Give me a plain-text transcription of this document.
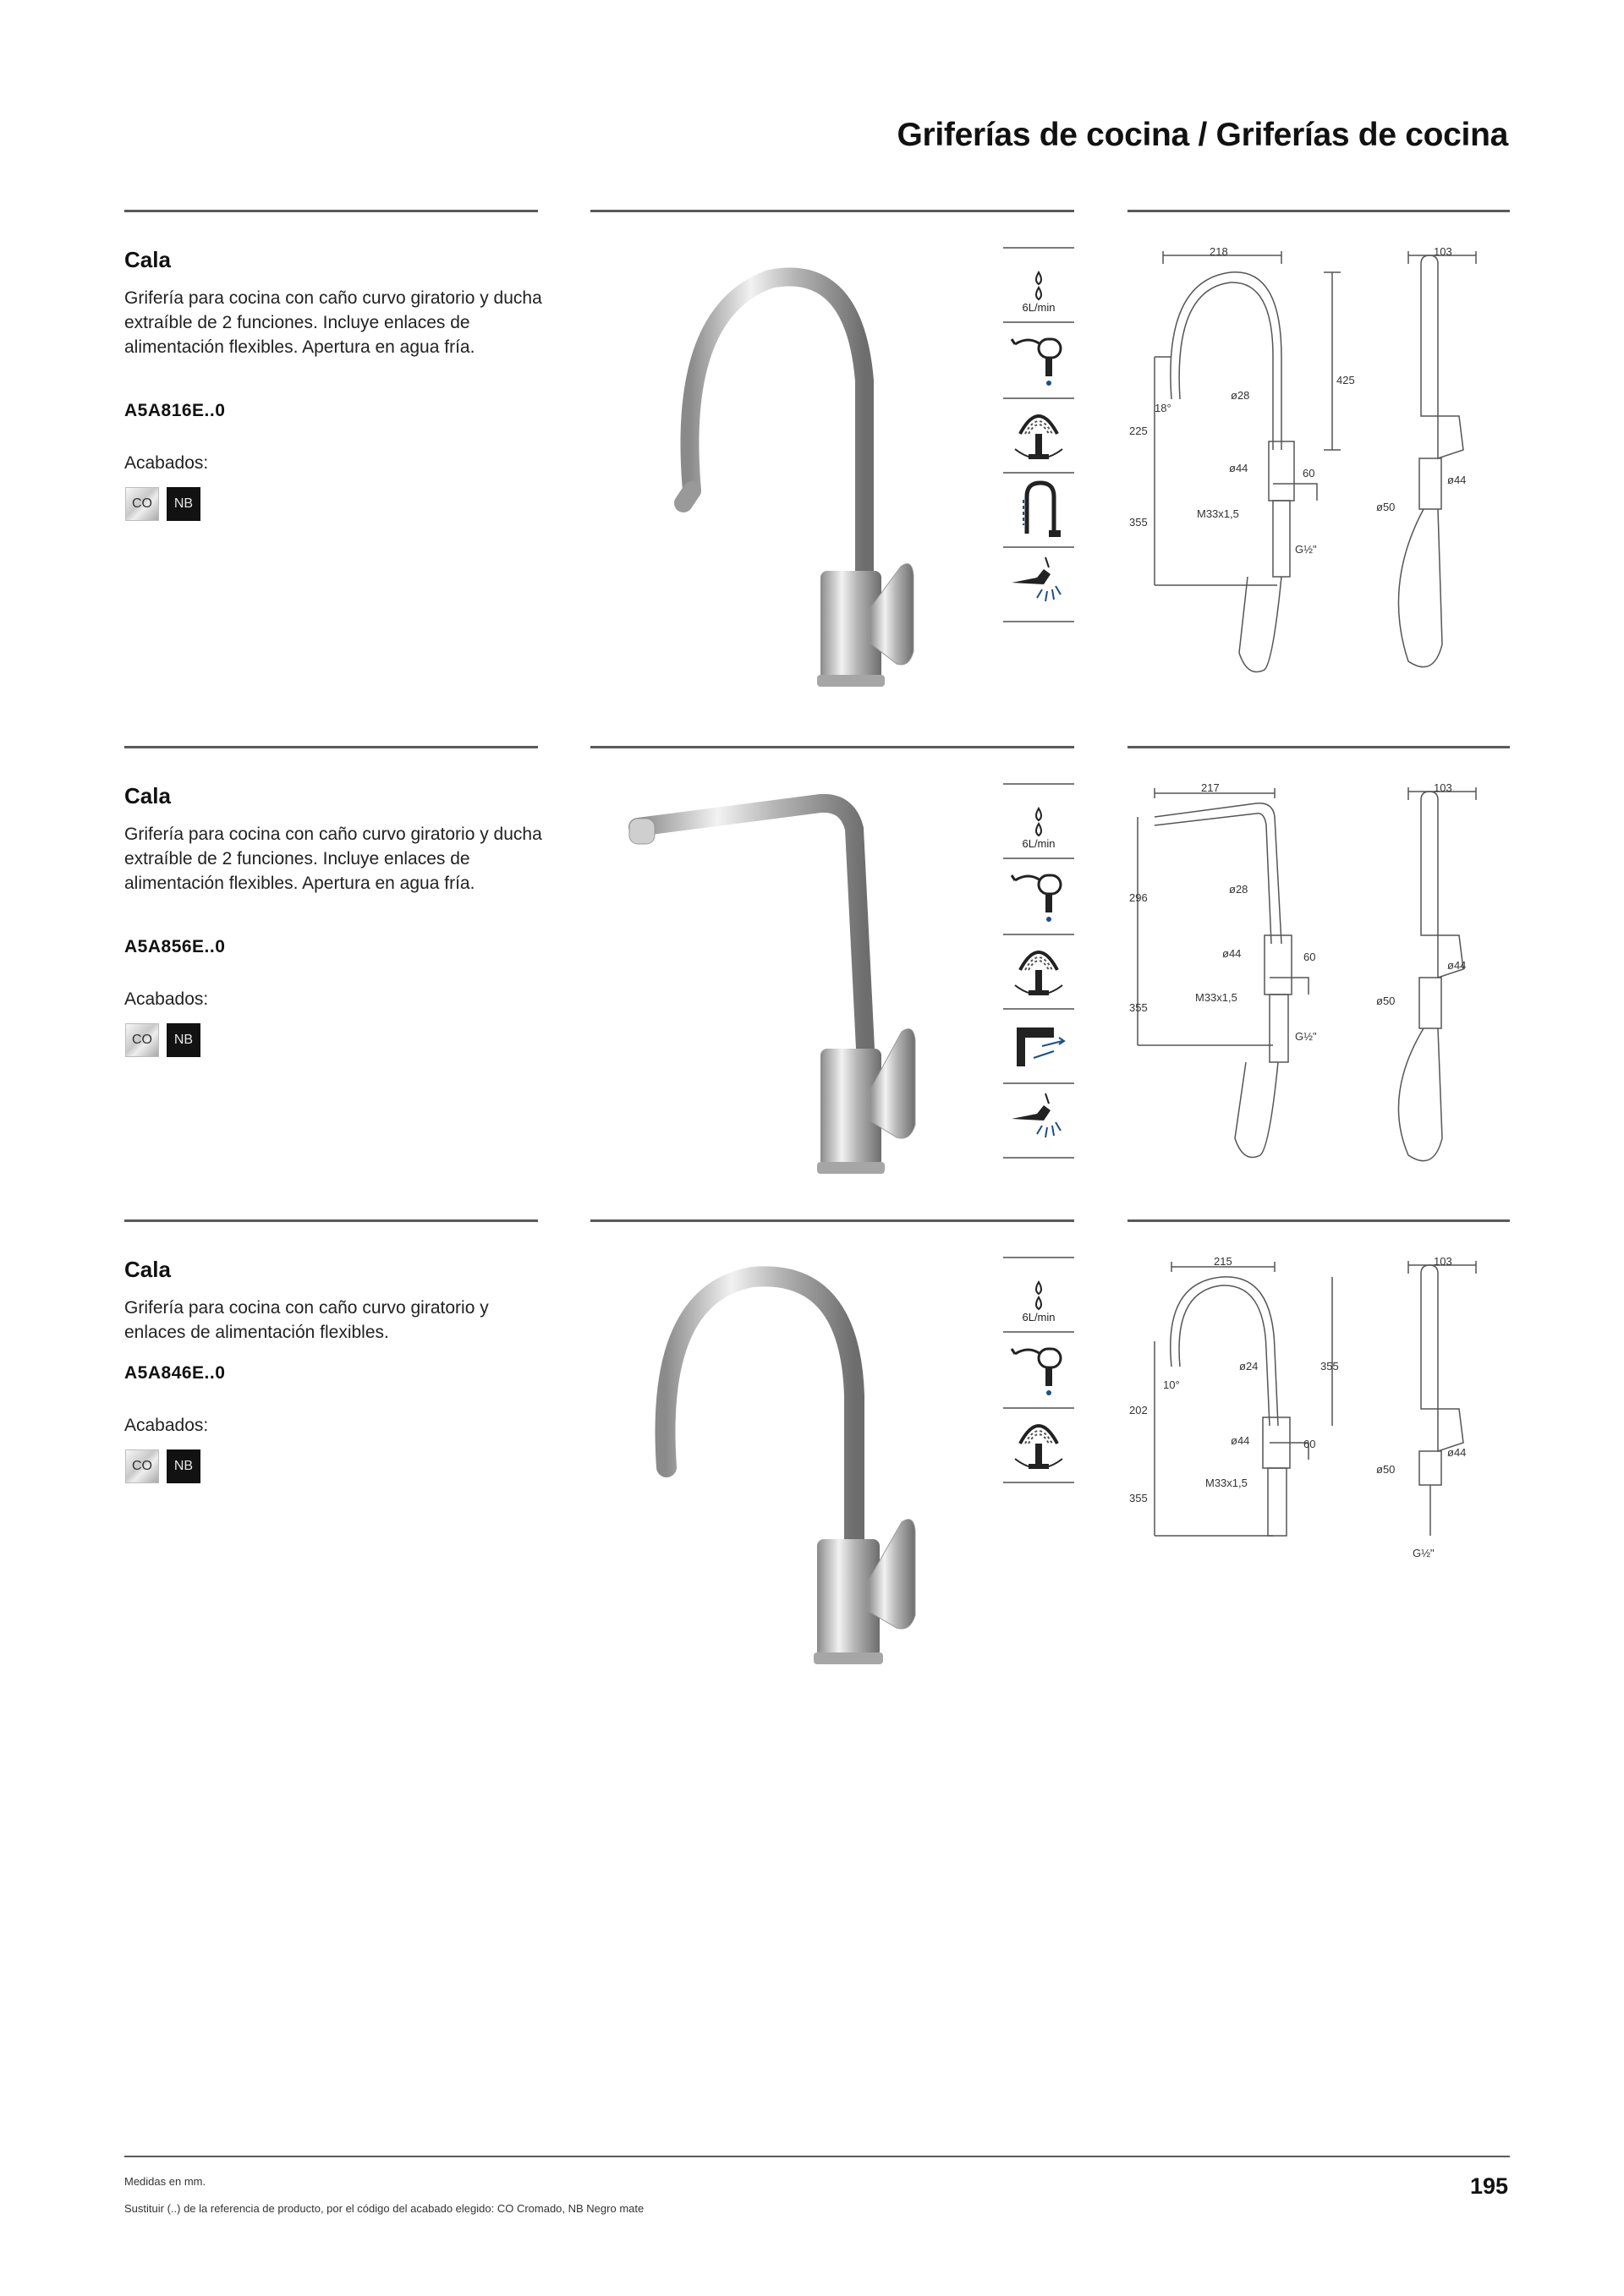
Griferías de cocina / Griferías de cocina
Cala
Grifería para cocina con caño curvo giratorio y ducha extraíble de 2 funciones. Incluye enlaces de alimentación flexibles. Apertura en agua fría.
A5A816E..0
Acabados:
CO	NB
6L/min
218
425
225
355
18°
ø28
ø44	60
M33x1,5
G½"
103
ø44
ø50
Cala
Grifería para cocina con caño curvo giratorio y ducha extraíble de 2 funciones. Incluye enlaces de alimentación flexibles. Apertura en agua fría.
A5A856E..0
Acabados:
CO	NB
6L/min
217
296
355
ø28
ø44	60
M33x1,5
G½"
103
ø44
ø50
Cala
Grifería para cocina con caño curvo giratorio y enlaces de alimentación flexibles.
A5A846E..0
Acabados:
CO	NB
6L/min
215
355
202
355
10°
ø24
ø44	60
M33x1,5
G½"
103
ø44
ø50
Medidas en mm.
Sustituir (..) de la referencia de producto, por el código del acabado elegido: CO Cromado, NB Negro mate
195
